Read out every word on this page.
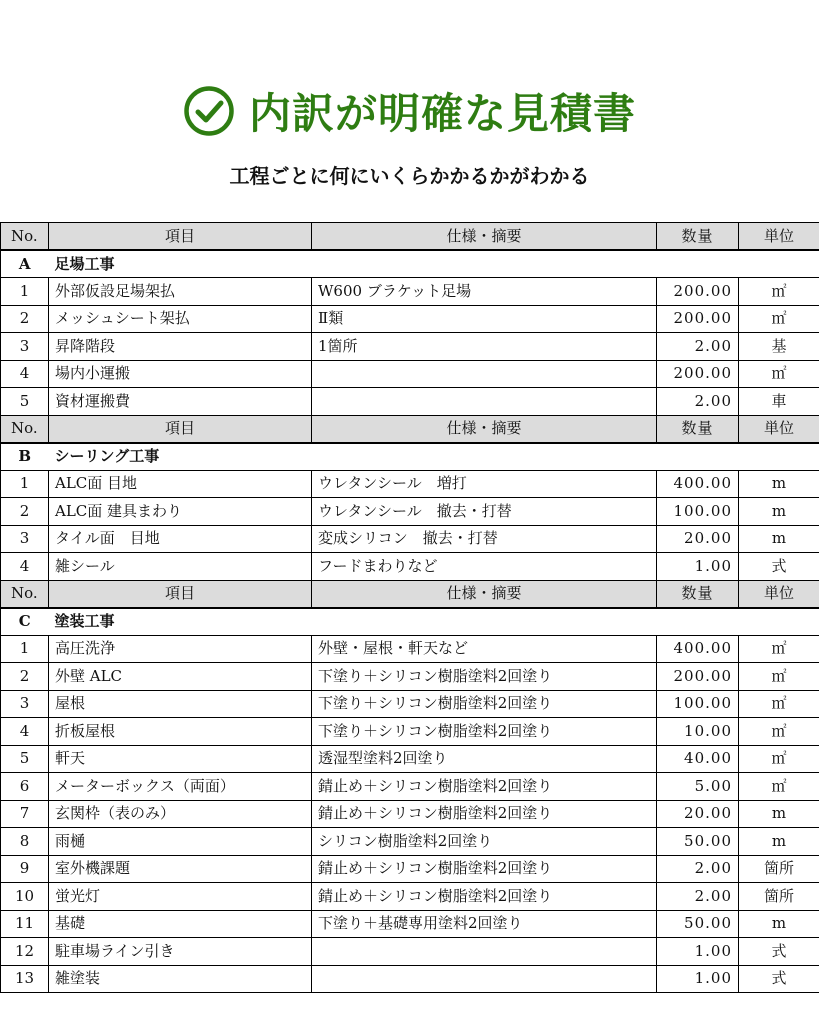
内訳が明確な見積書
工程ごとに何にいくらかかるかがわかる
No.	項目	仕様・摘要	数量	単位
A	足場工事			
1	外部仮設足場架払	W600 ブラケット足場	200.00	㎡
2	メッシュシート架払	Ⅱ類	200.00	㎡
3	昇降階段	1箇所	2.00	基
4	場内小運搬		200.00	㎡
5	資材運搬費		2.00	車
No.	項目	仕様・摘要	数量	単位
B	シーリング工事			
1	ALC面 目地	ウレタンシール　増打	400.00	m
2	ALC面 建具まわり	ウレタンシール　撤去・打替	100.00	m
3	タイル面　目地	変成シリコン　撤去・打替	20.00	m
4	雑シール	フードまわりなど	1.00	式
No.	項目	仕様・摘要	数量	単位
C	塗装工事			
1	高圧洗浄	外壁・屋根・軒天など	400.00	㎡
2	外壁 ALC	下塗り＋シリコン樹脂塗料2回塗り	200.00	㎡
3	屋根	下塗り＋シリコン樹脂塗料2回塗り	100.00	㎡
4	折板屋根	下塗り＋シリコン樹脂塗料2回塗り	10.00	㎡
5	軒天	透湿型塗料2回塗り	40.00	㎡
6	メーターボックス（両面）	錆止め＋シリコン樹脂塗料2回塗り	5.00	㎡
7	玄関枠（表のみ）	錆止め＋シリコン樹脂塗料2回塗り	20.00	m
8	雨樋	シリコン樹脂塗料2回塗り	50.00	m
9	室外機課題	錆止め＋シリコン樹脂塗料2回塗り	2.00	箇所
10	蛍光灯	錆止め＋シリコン樹脂塗料2回塗り	2.00	箇所
11	基礎	下塗り＋基礎専用塗料2回塗り	50.00	m
12	駐車場ライン引き		1.00	式
13	雑塗装		1.00	式
